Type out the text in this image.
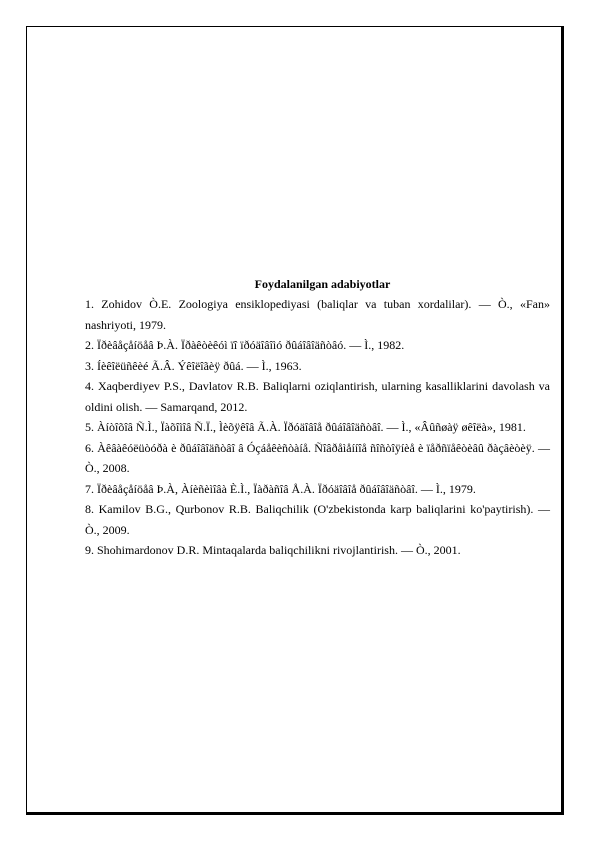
Foydalanilgan adabiyotlar

1. Zohidov Ò.E. Zoologiya ensiklopediyasi (baliqlar va tuban xordalilar). — Ò., «Fan» nashriyoti, 1979.

2. Ïðèâåçåíöåâ Þ.À. Ïðàêòèêóì ïî ïðóäîâîìó ðûáîâîäñòâó. — Ì., 1982.

3. Íèêîëüñêèé Ã.Â. Ýêîëîãèÿ ðûá. — Ì., 1963.

4. Xaqberdiyev P.S., Davlatov R.B. Baliqlarni oziqlantirish, ularning kasalliklarini davolash va oldini olish. — Samarqand, 2012.

5. Àíòîõîâ Ñ.Ì., Ïàõîìîâ Ñ.Ï., Ìèõÿêîâ Ã.À. Ïðóäîâîå ðûáîâîäñòâî. — Ì., «Âûñøàÿ øêîëà», 1981.

6. Àêâàêóëüòóðà è ðûáîâîäñòâî â Óçáåêèñòàíå. Ñîâðåìåííîå ñîñòîÿíèå è ïåðñïåêòèâû ðàçâèòèÿ. — Ò., 2008.

7. Ïðèâåçåíöåâ Þ.À, Àíèñèìîâà È.Ì., Ïàðàñîâ Å.À. Ïðóäîâîå ðûáîâîäñòâî. — Ì., 1979.

8. Kamilov B.G., Qurbonov R.B. Baliqchilik (O'zbekistonda karp baliqlarini ko'paytirish). — Ò., 2009.

9. Shohimardonov D.R. Mintaqalarda baliqchilikni rivojlantirish. — Ò., 2001.
